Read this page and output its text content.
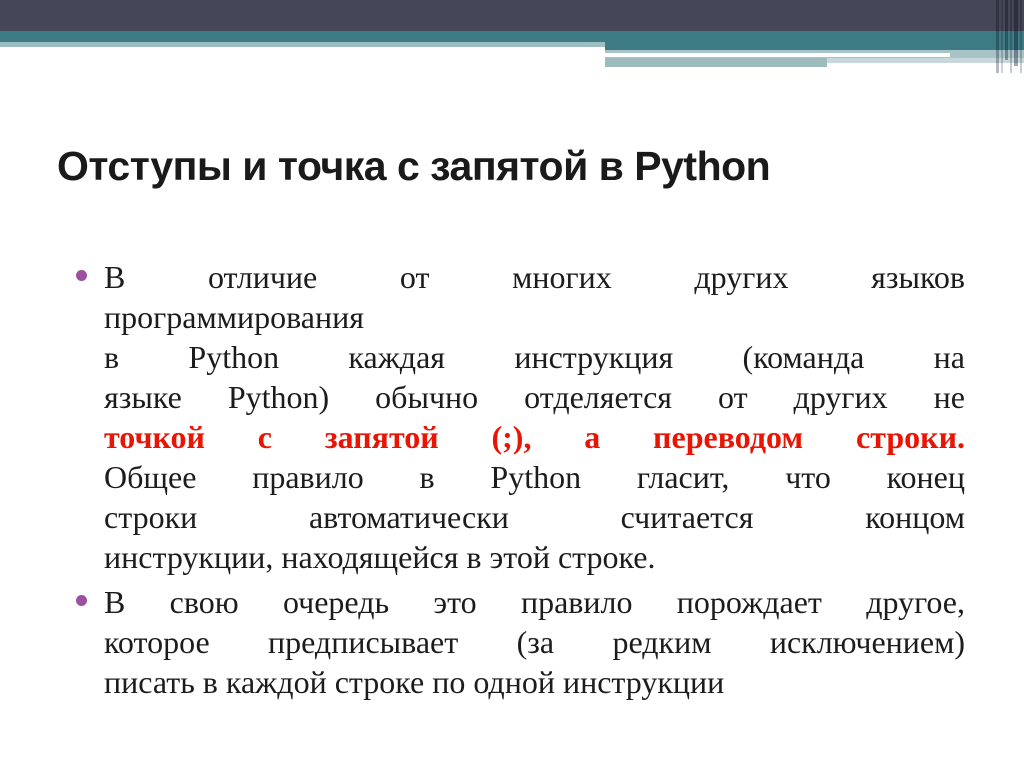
Отступы и точка с запятой в Python
В отличие от многих других языков
программирования
в Python каждая инструкция (команда на
языке Python) обычно отделяется от других не
точкой с запятой (;), а переводом строки.
Общее правило в Python гласит, что конец
строки автоматически считается концом
инструкции, находящейся в этой строке.
В свою очередь это правило порождает другое,
которое предписывает (за редким исключением)
писать в каждой строке по одной инструкции
